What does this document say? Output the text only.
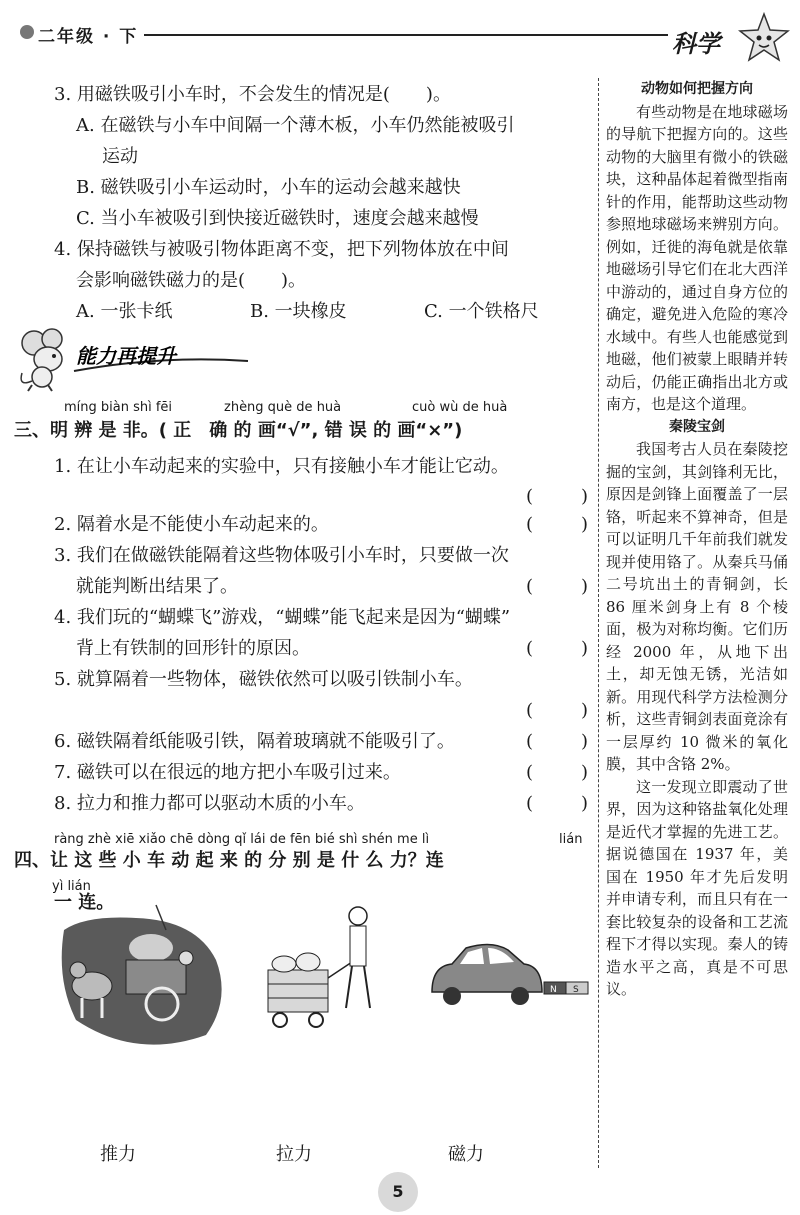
二年级 · 下	科学
3. 用磁铁吸引小车时，不会发生的情况是(　　)。
A. 在磁铁与小车中间隔一个薄木板，小车仍然能被吸引
运动
B. 磁铁吸引小车运动时，小车的运动会越来越快
C. 当小车被吸引到快接近磁铁时，速度会越来越慢
4. 保持磁铁与被吸引物体距离不变，把下列物体放在中间
会影响磁铁磁力的是(　　)。
A. 一张卡纸	B. 一块橡皮	C. 一个铁格尺
míng biàn shì fēi	zhèng què de huà	cuò wù de huà
三、明 辨 是 非。( 正　确 的 画“√”, 错 误 的 画“×”)
1. 在让小车动起来的实验中，只有接触小车才能让它动。
(	)
2. 隔着水是不能使小车动起来的。	(	)
3. 我们在做磁铁能隔着这些物体吸引小车时，只要做一次
就能判断出结果了。	(	)
4. 我们玩的“蝴蝶飞”游戏，“蝴蝶”能飞起来是因为“蝴蝶”
背上有铁制的回形针的原因。	(	)
5. 就算隔着一些物体，磁铁依然可以吸引铁制小车。
(	)
6. 磁铁隔着纸能吸引铁，隔着玻璃就不能吸引了。	(	)
7. 磁铁可以在很远的地方把小车吸引过来。	(	)
8. 拉力和推力都可以驱动木质的小车。	(	)
ràng zhè xiē xiǎo chē dòng qǐ lái de fēn bié shì shén me lì	lián
四、让 这 些 小 车 动 起 来 的 分 别 是 什 么 力？连
yì lián
一 连。
能力再提升
N S
推力	拉力	磁力
动物如何把握方向

有些动物是在地球磁场的导航下把握方向的。这些动物的大脑里有微小的铁磁块，这种晶体起着微型指南针的作用，能帮助这些动物参照地球磁场来辨别方向。例如，迁徙的海龟就是依靠地磁场引导它们在北大西洋中游动的，通过自身方位的确定，避免进入危险的寒冷水域中。有些人也能感觉到地磁，他们被蒙上眼睛并转动后，仍能正确指出北方或南方，也是这个道理。

秦陵宝剑

我国考古人员在秦陵挖掘的宝剑，其剑锋利无比，原因是剑锋上面覆盖了一层铬，听起来不算神奇，但是可以证明几千年前我们就发现并使用铬了。从秦兵马俑二号坑出土的青铜剑，长 86 厘米剑身上有 8 个棱面，极为对称均衡。它们历经 2000 年，从地下出土，却无蚀无锈，光洁如新。用现代科学方法检测分析，这些青铜剑表面竟涂有一层厚约 10 微米的氧化膜，其中含铬 2%。

这一发现立即震动了世界，因为这种铬盐氧化处理是近代才掌握的先进工艺。据说德国在 1937 年，美国在 1950 年才先后发明并申请专利，而且只有在一套比较复杂的设备和工艺流程下才得以实现。秦人的铸造水平之高，真是不可思议。

5
